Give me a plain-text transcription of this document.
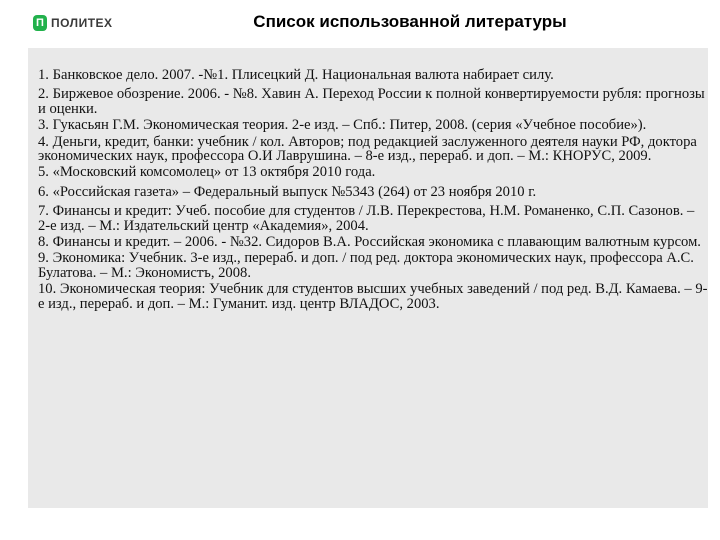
П ПОЛИТЕХ	Список использованной литературы
1. Банковское дело. 2007. -№1. Плисецкий Д. Национальная валюта набирает силу.
2. Биржевое обозрение. 2006. - №8. Хавин А. Переход России к полной конвертируемости рубля: прогнозы и оценки.
3. Гукасьян Г.М. Экономическая теория. 2-е изд. – Спб.: Питер, 2008. (серия «Учебное пособие»).
4. Деньги, кредит, банки: учебник / кол. Авторов; под редакцией заслуженного деятеля науки РФ, доктора экономических наук, профессора О.И Лаврушина. – 8-е изд., перераб. и доп. – М.: КНОРУС, 2009.
5. «Московский комсомолец» от 13 октября 2010 года.
6. «Российская газета» – Федеральный выпуск №5343 (264) от 23 ноября 2010 г.
7. Финансы и кредит: Учеб. пособие для студентов / Л.В. Перекрестова, Н.М. Романенко, С.П. Сазонов. – 2-е изд. – М.: Издательский центр «Академия», 2004.
8. Финансы и кредит. – 2006. - №32. Сидоров В.А. Российская экономика с плавающим валютным курсом.
9. Экономика: Учебник. 3-е изд., перераб. и доп. / под ред. доктора экономических наук, профессора А.С. Булатова. – М.: Экономистъ, 2008.
10. Экономическая теория: Учебник для студентов высших учебных заведений / под ред. В.Д. Камаева. – 9-е изд., перераб. и доп. – М.: Гуманит. изд. центр ВЛАДОС, 2003.
